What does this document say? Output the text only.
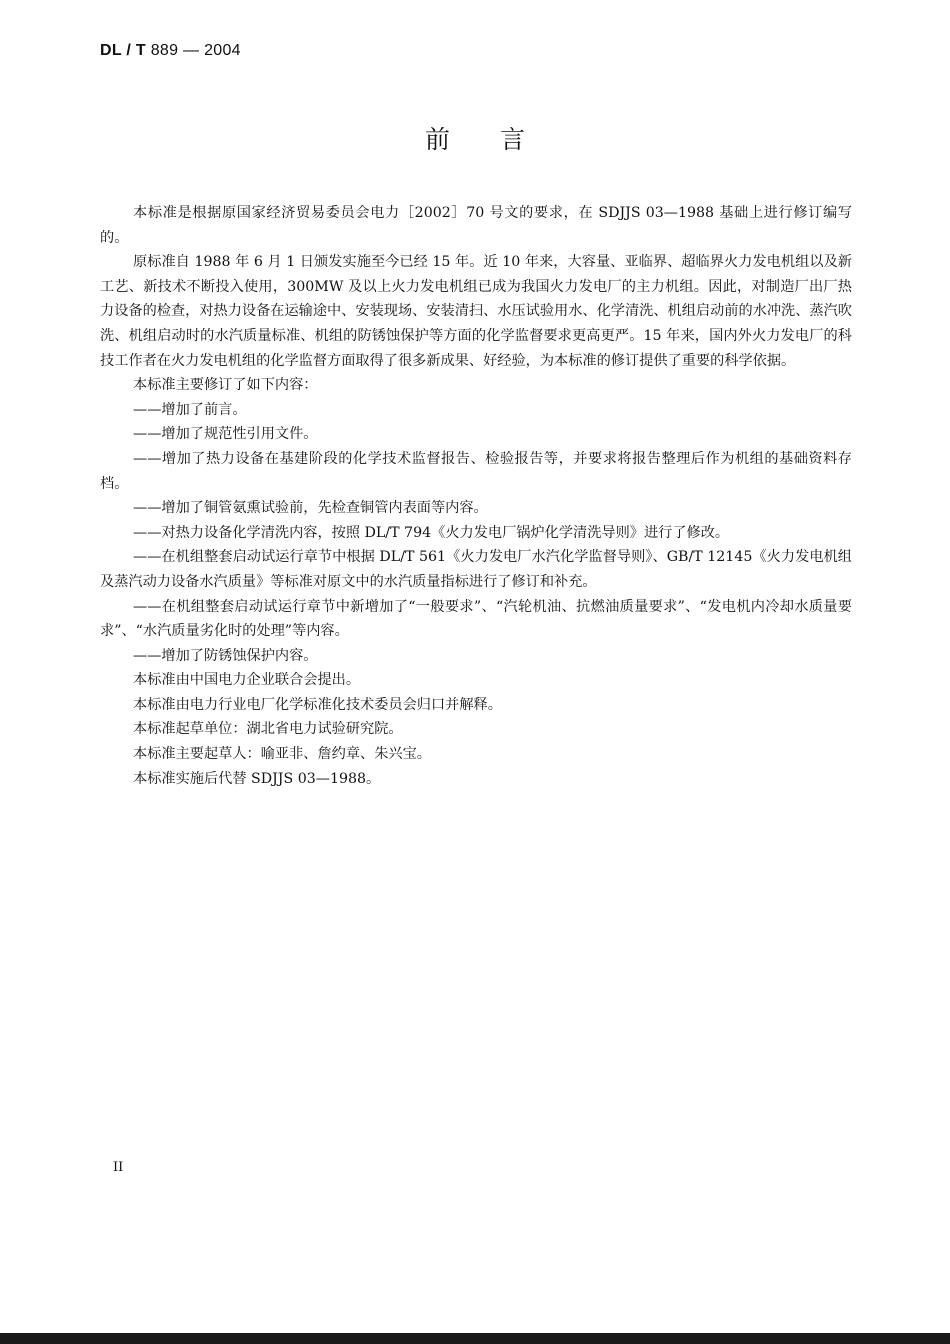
DL / T 889 — 2004
前言

本标准是根据原国家经济贸易委员会电力［2002］70 号文的要求，在 SDJJS 03—1988 基础上进行修订编写的。

原标准自 1988 年 6 月 1 日颁发实施至今已经 15 年。近 10 年来，大容量、亚临界、超临界火力发电机组以及新工艺、新技术不断投入使用，300MW 及以上火力发电机组已成为我国火力发电厂的主力机组。因此，对制造厂出厂热力设备的检查，对热力设备在运输途中、安装现场、安装清扫、水压试验用水、化学清洗、机组启动前的水冲洗、蒸汽吹洗、机组启动时的水汽质量标准、机组的防锈蚀保护等方面的化学监督要求更高更严。15 年来，国内外火力发电厂的科技工作者在火力发电机组的化学监督方面取得了很多新成果、好经验，为本标准的修订提供了重要的科学依据。

本标准主要修订了如下内容：

——增加了前言。

——增加了规范性引用文件。

——增加了热力设备在基建阶段的化学技术监督报告、检验报告等，并要求将报告整理后作为机组的基础资料存档。

——增加了铜管氨熏试验前，先检查铜管内表面等内容。

——对热力设备化学清洗内容，按照 DL/T 794《火力发电厂锅炉化学清洗导则》进行了修改。

——在机组整套启动试运行章节中根据 DL/T 561《火力发电厂水汽化学监督导则》、GB/T 12145《火力发电机组及蒸汽动力设备水汽质量》等标准对原文中的水汽质量指标进行了修订和补充。

——在机组整套启动试运行章节中新增加了“一般要求”、“汽轮机油、抗燃油质量要求”、“发电机内冷却水质量要求”、“水汽质量劣化时的处理”等内容。

——增加了防锈蚀保护内容。

本标准由中国电力企业联合会提出。

本标准由电力行业电厂化学标准化技术委员会归口并解释。

本标准起草单位：湖北省电力试验研究院。

本标准主要起草人：喻亚非、詹约章、朱兴宝。

本标准实施后代替 SDJJS 03—1988。

II
